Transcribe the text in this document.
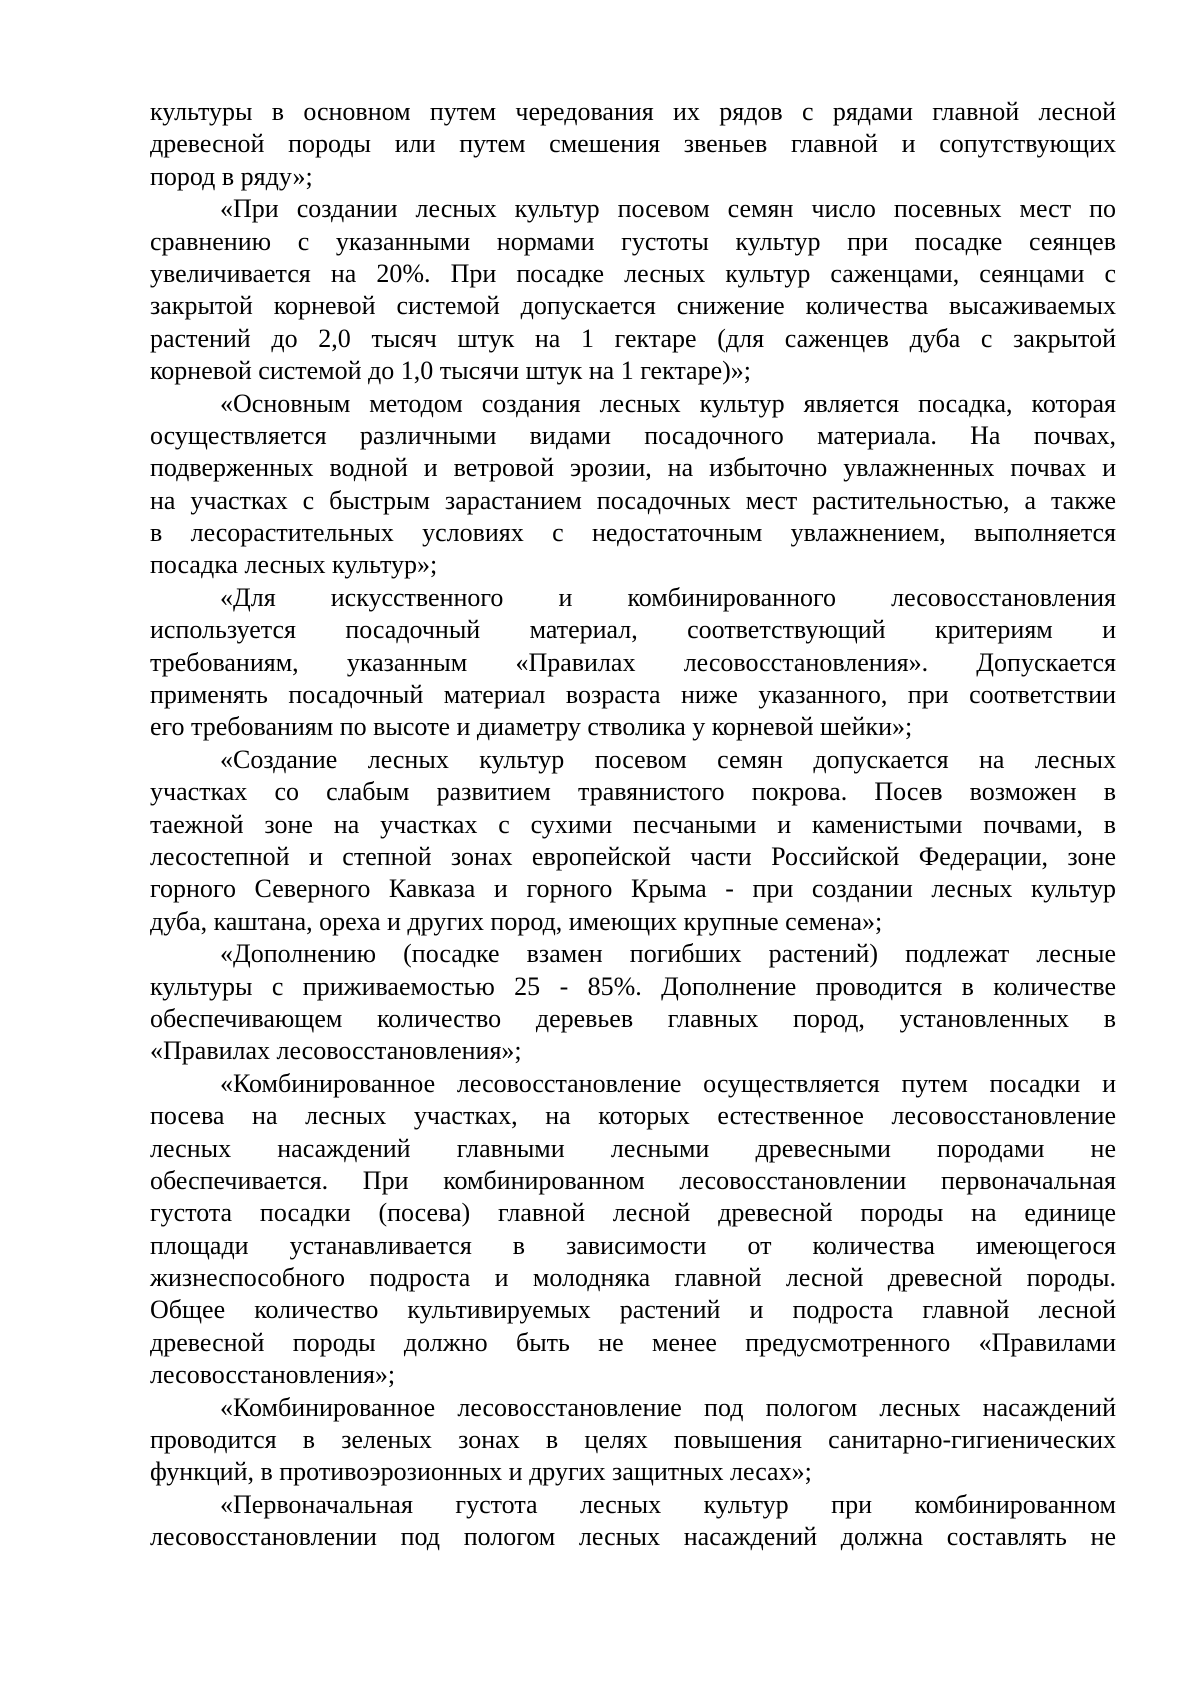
культуры в основном путем чередования их рядов с рядами главной лесной
древесной породы или путем смешения звеньев главной и сопутствующих
пород в ряду»;
«При создании лесных культур посевом семян число посевных мест по
сравнению с указанными нормами густоты культур при посадке сеянцев
увеличивается на 20%. При посадке лесных культур саженцами, сеянцами с
закрытой корневой системой допускается снижение количества высаживаемых
растений до 2,0 тысяч штук на 1 гектаре (для саженцев дуба с закрытой
корневой системой до 1,0 тысячи штук на 1 гектаре)»;
«Основным методом создания лесных культур является посадка, которая
осуществляется различными видами посадочного материала. На почвах,
подверженных водной и ветровой эрозии, на избыточно увлажненных почвах и
на участках с быстрым зарастанием посадочных мест растительностью, а также
в лесорастительных условиях с недостаточным увлажнением, выполняется
посадка лесных культур»;
«Для искусственного и комбинированного лесовосстановления
используется посадочный материал, соответствующий критериям и
требованиям, указанным «Правилах лесовосстановления». Допускается
применять посадочный материал возраста ниже указанного, при соответствии
его требованиям по высоте и диаметру стволика у корневой шейки»;
«Создание лесных культур посевом семян допускается на лесных
участках со слабым развитием травянистого покрова. Посев возможен в
таежной зоне на участках с сухими песчаными и каменистыми почвами, в
лесостепной и степной зонах европейской части Российской Федерации, зоне
горного Северного Кавказа и горного Крыма - при создании лесных культур
дуба, каштана, ореха и других пород, имеющих крупные семена»;
«Дополнению (посадке взамен погибших растений) подлежат лесные
культуры с приживаемостью 25 - 85%. Дополнение проводится в количестве
обеспечивающем количество деревьев главных пород, установленных в
«Правилах лесовосстановления»;
«Комбинированное лесовосстановление осуществляется путем посадки и
посева на лесных участках, на которых естественное лесовосстановление
лесных насаждений главными лесными древесными породами не
обеспечивается. При комбинированном лесовосстановлении первоначальная
густота посадки (посева) главной лесной древесной породы на единице
площади устанавливается в зависимости от количества имеющегося
жизнеспособного подроста и молодняка главной лесной древесной породы.
Общее количество культивируемых растений и подроста главной лесной
древесной породы должно быть не менее предусмотренного «Правилами
лесовосстановления»;
«Комбинированное лесовосстановление под пологом лесных насаждений
проводится в зеленых зонах в целях повышения санитарно-гигиенических
функций, в противоэрозионных и других защитных лесах»;
«Первоначальная густота лесных культур при комбинированном
лесовосстановлении под пологом лесных насаждений должна составлять не
